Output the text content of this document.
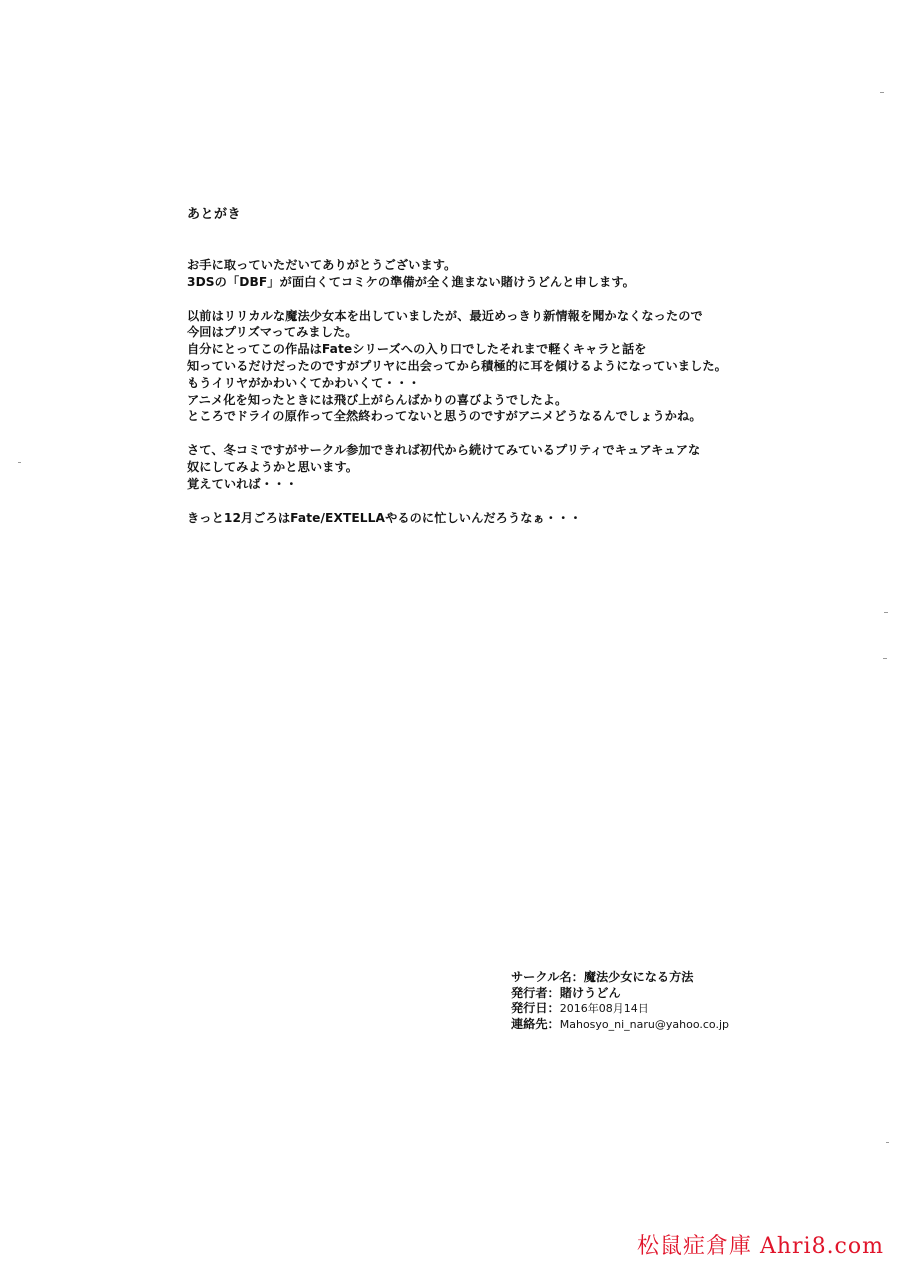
あとがき
お手に取っていただいてありがとうございます。
3DSの「DBF」が面白くてコミケの準備が全く進まない賭けうどんと申します。
以前はリリカルな魔法少女本を出していましたが、最近めっきり新情報を聞かなくなったので
今回はプリズマってみました。
自分にとってこの作品はFateシリーズへの入り口でしたそれまで軽くキャラと話を
知っているだけだったのですがプリヤに出会ってから積極的に耳を傾けるようになっていました。
もうイリヤがかわいくてかわいくて・・・
アニメ化を知ったときには飛び上がらんばかりの喜びようでしたよ。
ところでドライの原作って全然終わってないと思うのですがアニメどうなるんでしょうかね。
さて、冬コミですがサークル参加できれば初代から続けてみているプリティでキュアキュアな
奴にしてみようかと思います。
覚えていれば・・・
きっと12月ごろはFate/EXTELLAやるのに忙しいんだろうなぁ・・・
サークル名：魔法少女になる方法
発行者：賭けうどん
発行日：2016年08月14日
連絡先：Mahosyo_ni_naru@yahoo.co.jp
松鼠症倉庫 Ahri8.com
